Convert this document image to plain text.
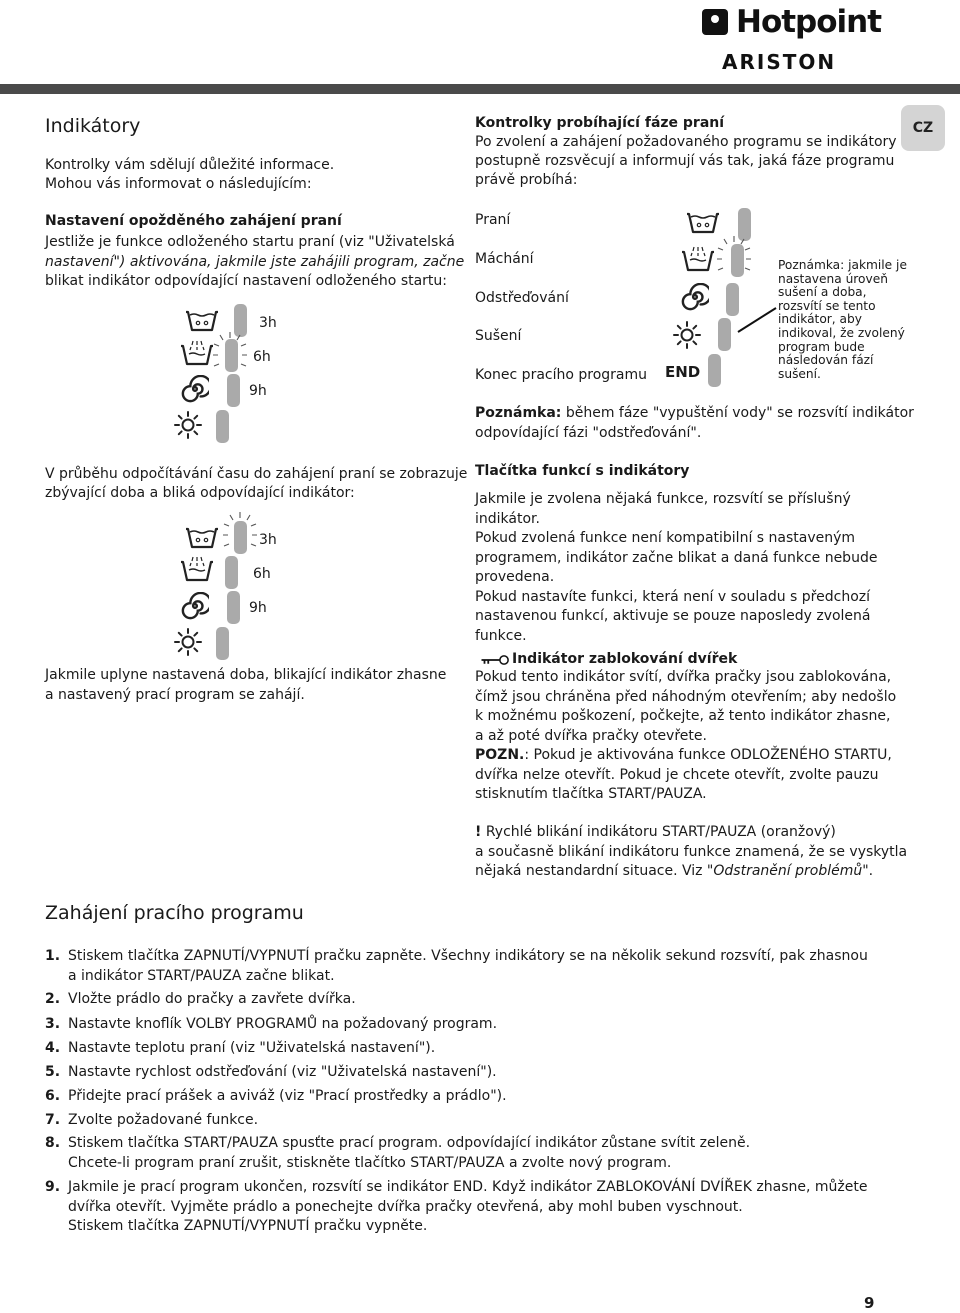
Hotpoint
ARISTON
CZ
Indikátory
Kontrolky vám sdělují důležité informace.
Mohou vás informovat o následujícím:
Nastavení opožděného zahájení praní
Jestliže je funkce odloženého startu praní (viz "Uživatelská
nastavení") aktivována, jakmile jste zahájili program, začne
blikat indikátor odpovídající nastavení odloženého startu:
3h
6h
9h
V průběhu odpočítávání času do zahájení praní se zobrazuje
zbývající doba a bliká odpovídající indikátor:
3h
6h
9h
Jakmile uplyne nastavená doba, blikající indikátor zhasne
a nastavený prací program se zahájí.
Kontrolky probíhající fáze praní
Po zvolení a zahájení požadovaného programu se indikátory
postupně rozsvěcují a informují vás tak, jaká fáze programu
právě probíhá:
Praní
Máchání
Odstřeďování
Sušení
Konec pracího programu END
Poznámka: jakmile je
nastavena úroveň
sušení a doba,
rozsvítí se tento
indikátor, aby
indikoval, že zvolený
program bude
následován fází
sušení.
Poznámka: během fáze "vypuštění vody" se rozsvítí indikátor
odpovídající fázi "odstřeďování".
Tlačítka funkcí s indikátory
Jakmile je zvolena nějaká funkce, rozsvítí se příslušný
indikátor.
Pokud zvolená funkce není kompatibilní s nastaveným
programem, indikátor začne blikat a daná funkce nebude
provedena.
Pokud nastavíte funkci, která není v souladu s předchozí
nastavenou funkcí, aktivuje se pouze naposledy zvolená
funkce.
Indikátor zablokování dvířek
Pokud tento indikátor svítí, dvířka pračky jsou zablokována,
čímž jsou chráněna před náhodným otevřením; aby nedošlo
k možnému poškození, počkejte, až tento indikátor zhasne,
a až poté dvířka pračky otevřete.
POZN.: Pokud je aktivována funkce ODLOŽENÉHO STARTU,
dvířka nelze otevřít. Pokud je chcete otevřít, zvolte pauzu
stisknutím tlačítka START/PAUZA.
! Rychlé blikání indikátoru START/PAUZA (oranžový)
a současně blikání indikátoru funkce znamená, že se vyskytla
nějaká nestandardní situace. Viz "Odstranění problémů".
Zahájení pracího programu
1. Stiskem tlačítka ZAPNUTÍ/VYPNUTÍ pračku zapněte. Všechny indikátory se na několik sekund rozsvítí, pak zhasnou
a indikátor START/PAUZA začne blikat.
2. Vložte prádlo do pračky a zavřete dvířka.
3. Nastavte knoflík VOLBY PROGRAMŮ na požadovaný program.
4. Nastavte teplotu praní (viz "Uživatelská nastavení").
5. Nastavte rychlost odstřeďování (viz "Uživatelská nastavení").
6. Přidejte prací prášek a aviváž (viz "Prací prostředky a prádlo").
7. Zvolte požadované funkce.
8. Stiskem tlačítka START/PAUZA spusťte prací program. odpovídající indikátor zůstane svítit zeleně.
Chcete-li program praní zrušit, stiskněte tlačítko START/PAUZA a zvolte nový program.
9. Jakmile je prací program ukončen, rozsvítí se indikátor END. Když indikátor ZABLOKOVÁNÍ DVÍŘEK zhasne, můžete
dvířka otevřít. Vyjměte prádlo a ponechejte dvířka pračky otevřená, aby mohl buben vyschnout.
Stiskem tlačítka ZAPNUTÍ/VYPNUTÍ pračku vypněte.
9
